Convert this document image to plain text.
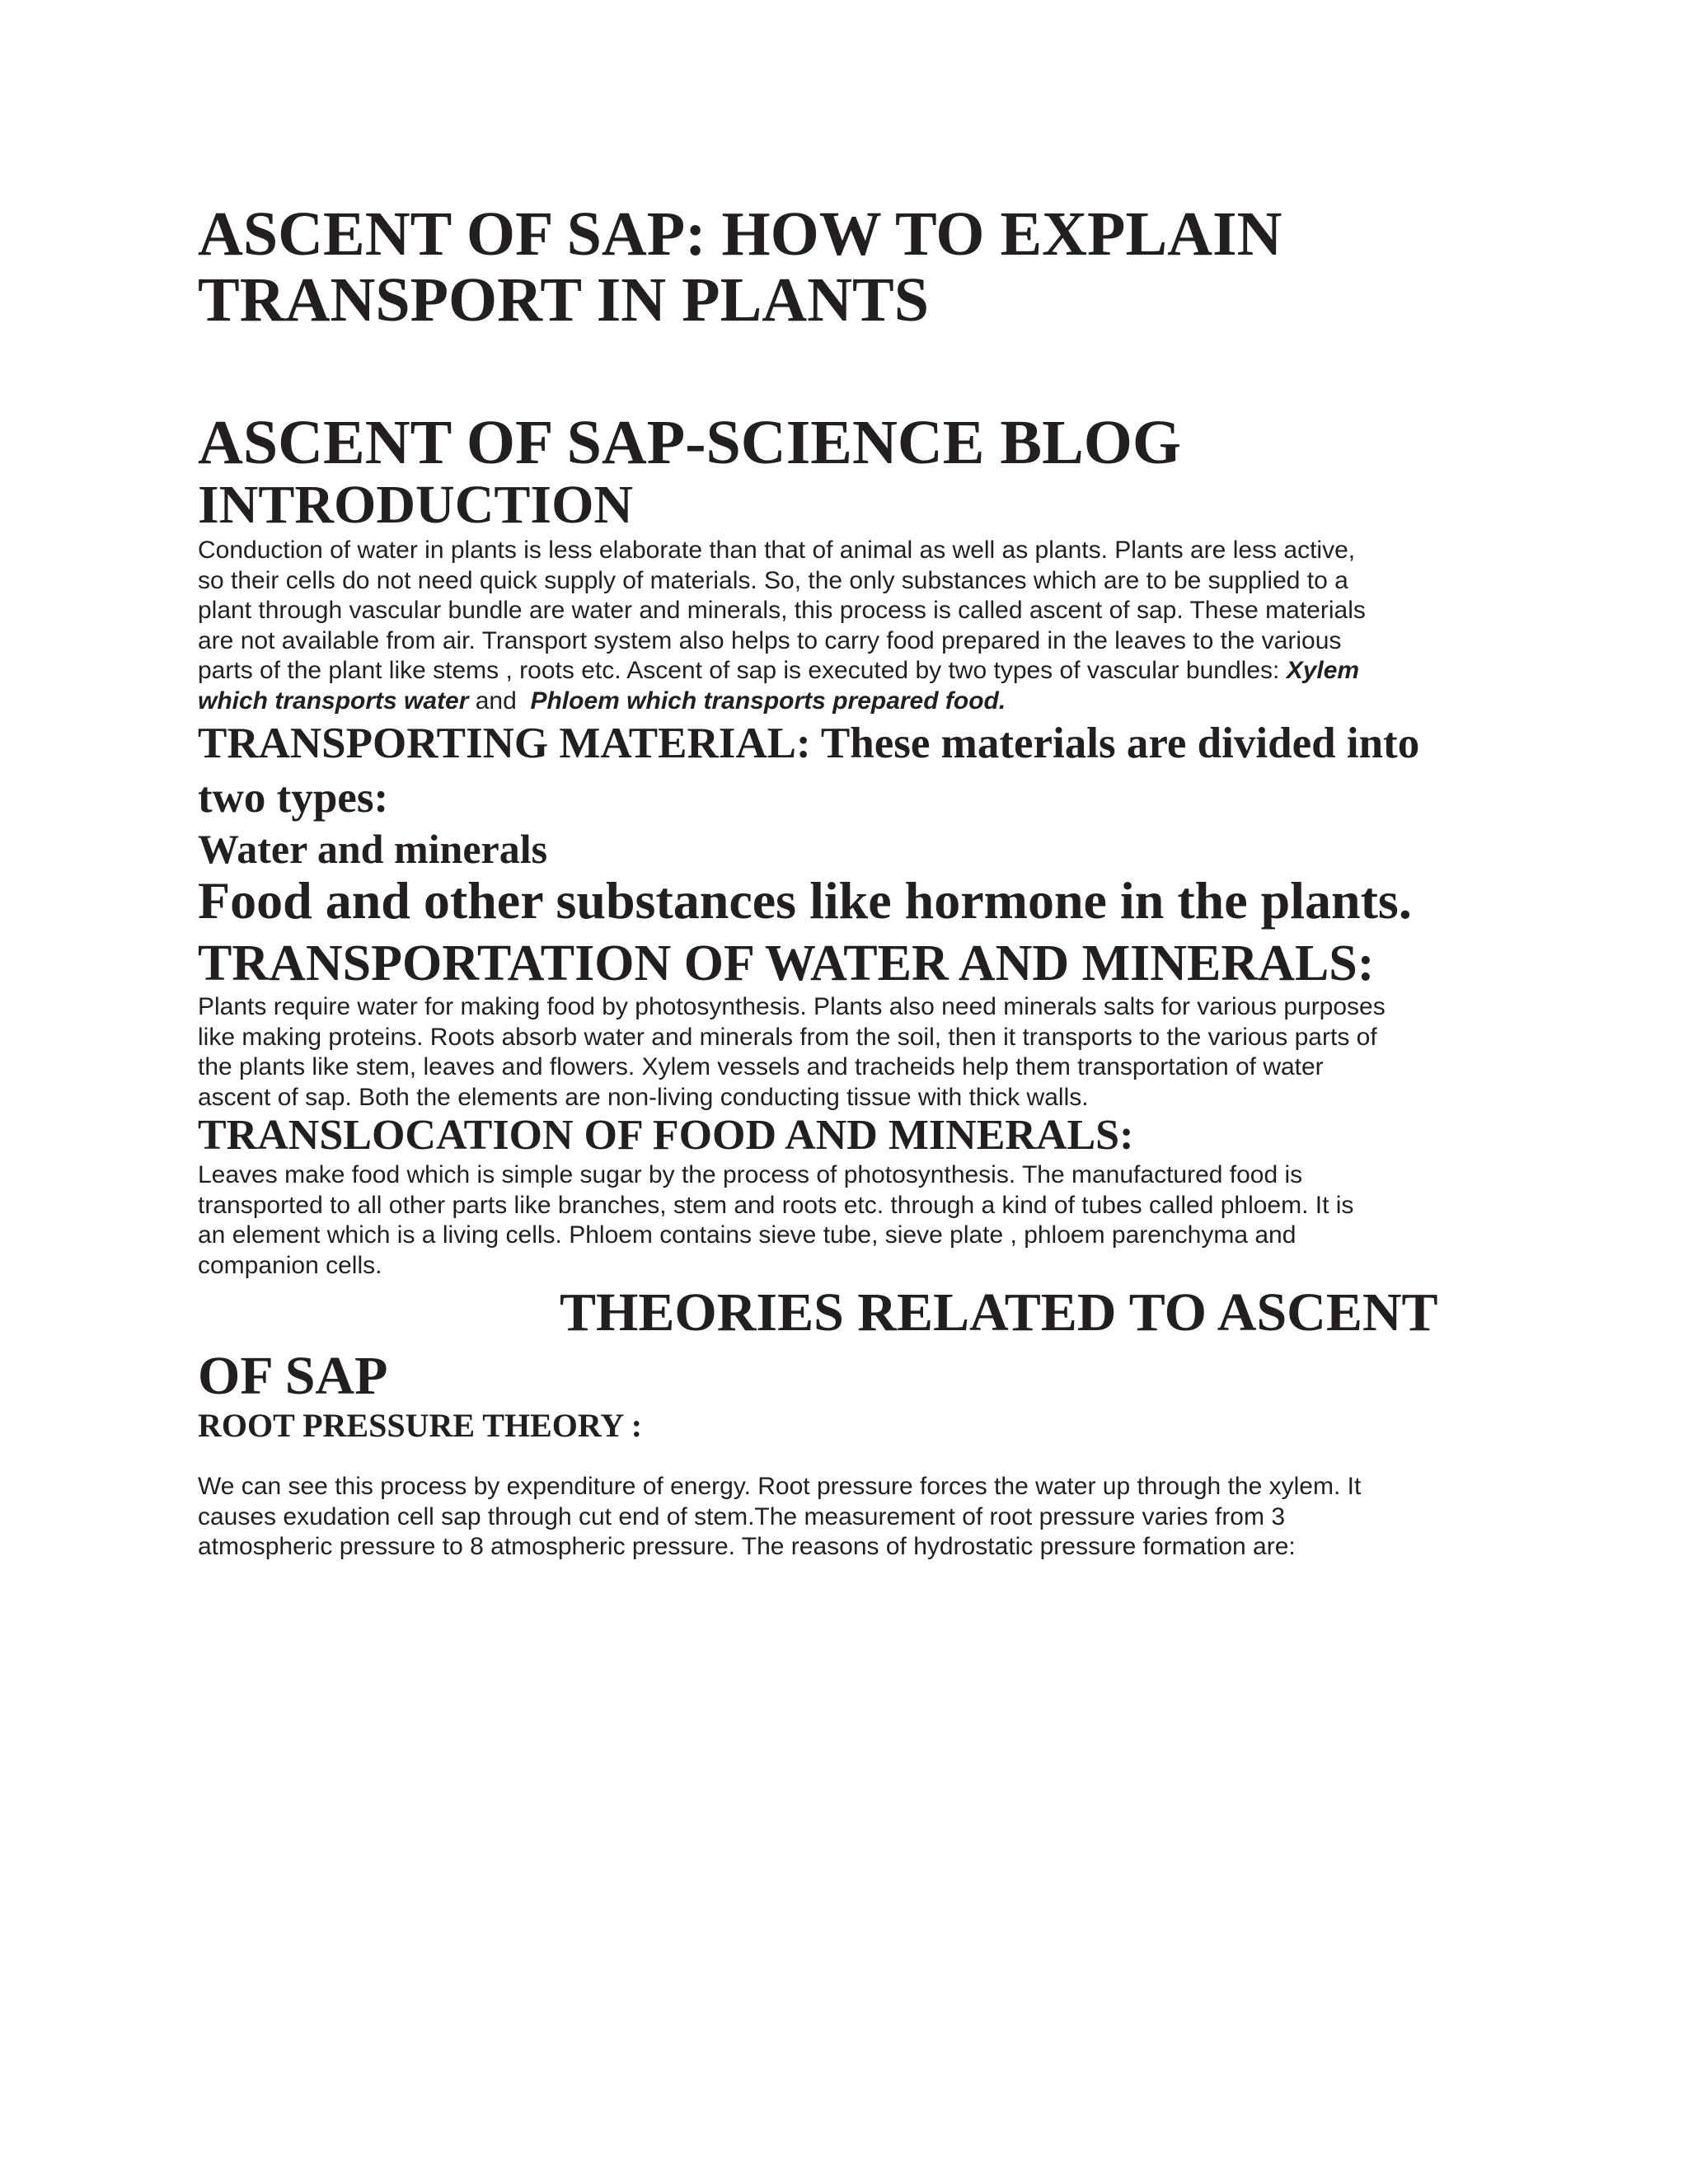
ASCENT OF SAP: HOW TO EXPLAIN
TRANSPORT IN PLANTS
ASCENT OF SAP-SCIENCE BLOG
INTRODUCTION
Conduction of water in plants is less elaborate than that of animal as well as plants. Plants are less active,
so their cells do not need quick supply of materials. So, the only substances which are to be supplied to a
plant through vascular bundle are water and minerals, this process is called ascent of sap. These materials
are not available from air. Transport system also helps to carry food prepared in the leaves to the various
parts of the plant like stems , roots etc. Ascent of sap is executed by two types of vascular bundles: Xylem
which transports water and  Phloem which transports prepared food.
TRANSPORTING MATERIAL: These materials are divided into
two types:
Water and minerals
Food and other substances like hormone in the plants.
TRANSPORTATION OF WATER AND MINERALS:
Plants require water for making food by photosynthesis. Plants also need minerals salts for various purposes
like making proteins. Roots absorb water and minerals from the soil, then it transports to the various parts of
the plants like stem, leaves and flowers. Xylem vessels and tracheids help them transportation of water
ascent of sap. Both the elements are non-living conducting tissue with thick walls.
TRANSLOCATION OF FOOD AND MINERALS:
Leaves make food which is simple sugar by the process of photosynthesis. The manufactured food is
transported to all other parts like branches, stem and roots etc. through a kind of tubes called phloem. It is
an element which is a living cells. Phloem contains sieve tube, sieve plate , phloem parenchyma and
companion cells.
THEORIES RELATED TO ASCENT
OF SAP
ROOT PRESSURE THEORY :
We can see this process by expenditure of energy. Root pressure forces the water up through the xylem. It
causes exudation cell sap through cut end of stem.The measurement of root pressure varies from 3
atmospheric pressure to 8 atmospheric pressure. The reasons of hydrostatic pressure formation are:
